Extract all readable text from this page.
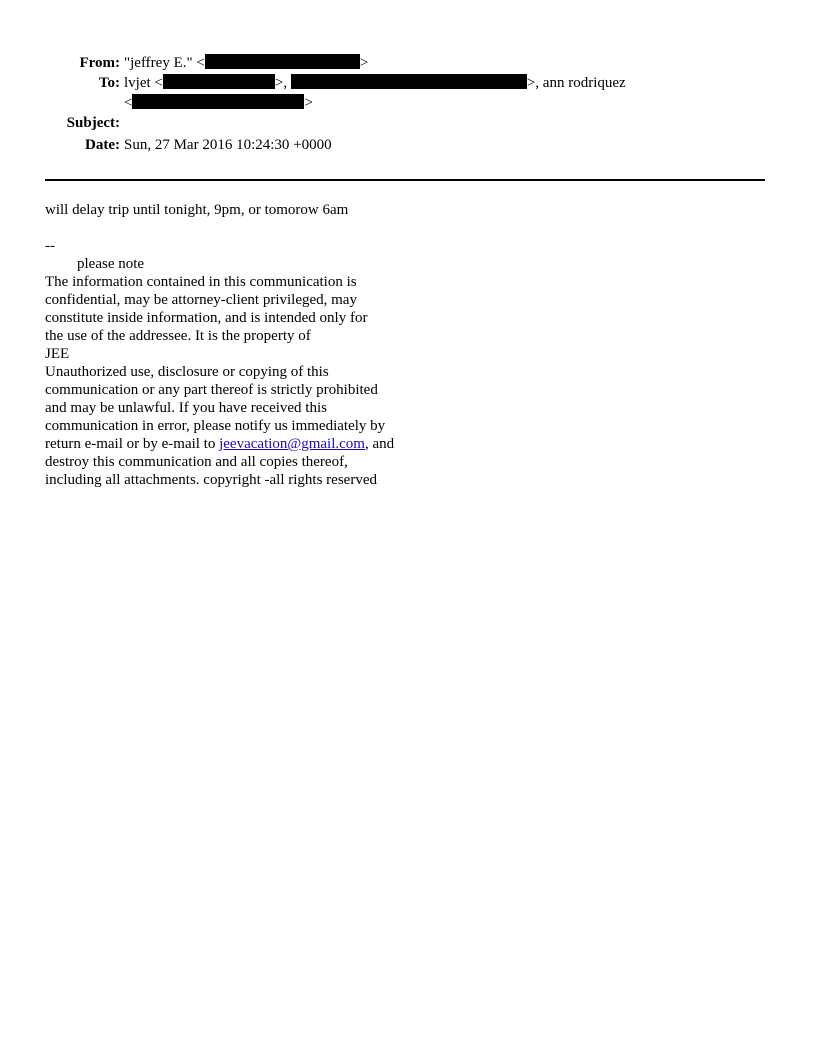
From: "jeffrey E." <	>
To: lvjet <	>,	>, ann rodriquez
<	>
Subject:
Date: Sun, 27 Mar 2016 10:24:30 +0000
will delay trip until tonight, 9pm, or tomorow 6am
--
please note
The information contained in this communication is
confidential, may be attorney-client privileged, may
constitute inside information, and is intended only for
the use of the addressee. It is the property of
JEE
Unauthorized use, disclosure or copying of this
communication or any part thereof is strictly prohibited
and may be unlawful. If you have received this
communication in error, please notify us immediately by
return e-mail or by e-mail to jeevacation@gmail.com, and
destroy this communication and all copies thereof,
including all attachments. copyright -all rights reserved
